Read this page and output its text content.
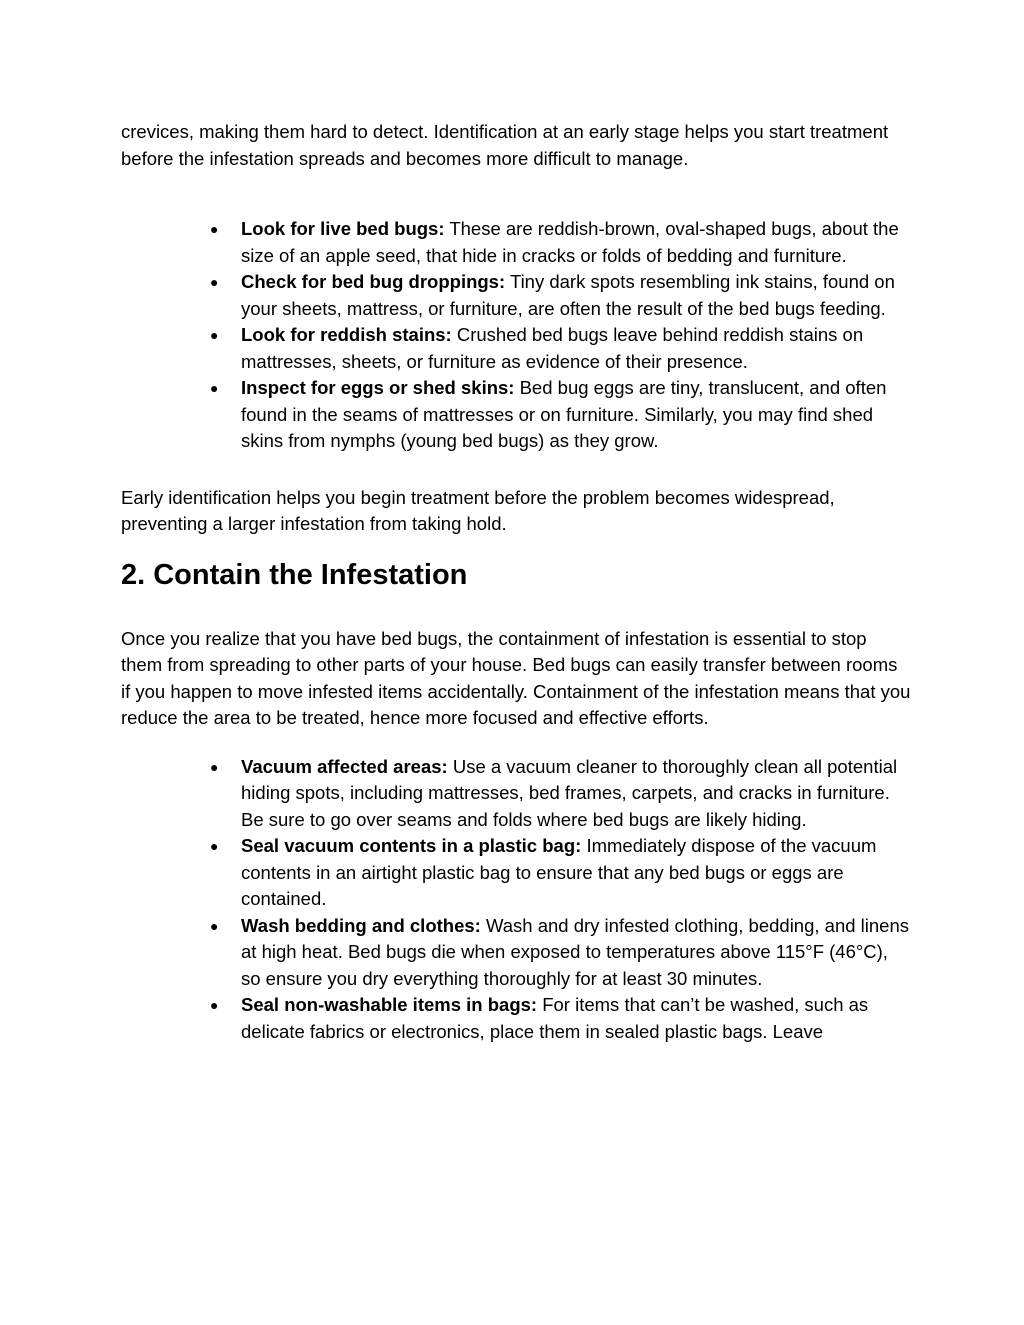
crevices, making them hard to detect. Identification at an early stage helps you start treatment before the infestation spreads and becomes more difficult to manage.

● Look for live bed bugs: These are reddish-brown, oval-shaped bugs, about the size of an apple seed, that hide in cracks or folds of bedding and furniture.
● Check for bed bug droppings: Tiny dark spots resembling ink stains, found on your sheets, mattress, or furniture, are often the result of the bed bugs feeding.
● Look for reddish stains: Crushed bed bugs leave behind reddish stains on mattresses, sheets, or furniture as evidence of their presence.
● Inspect for eggs or shed skins: Bed bug eggs are tiny, translucent, and often found in the seams of mattresses or on furniture. Similarly, you may find shed skins from nymphs (young bed bugs) as they grow.

Early identification helps you begin treatment before the problem becomes widespread, preventing a larger infestation from taking hold.

2. Contain the Infestation

Once you realize that you have bed bugs, the containment of infestation is essential to stop them from spreading to other parts of your house. Bed bugs can easily transfer between rooms if you happen to move infested items accidentally. Containment of the infestation means that you reduce the area to be treated, hence more focused and effective efforts.

● Vacuum affected areas: Use a vacuum cleaner to thoroughly clean all potential hiding spots, including mattresses, bed frames, carpets, and cracks in furniture. Be sure to go over seams and folds where bed bugs are likely hiding.
● Seal vacuum contents in a plastic bag: Immediately dispose of the vacuum contents in an airtight plastic bag to ensure that any bed bugs or eggs are contained.
● Wash bedding and clothes: Wash and dry infested clothing, bedding, and linens at high heat. Bed bugs die when exposed to temperatures above 115°F (46°C), so ensure you dry everything thoroughly for at least 30 minutes.
● Seal non-washable items in bags: For items that can’t be washed, such as delicate fabrics or electronics, place them in sealed plastic bags. Leave
